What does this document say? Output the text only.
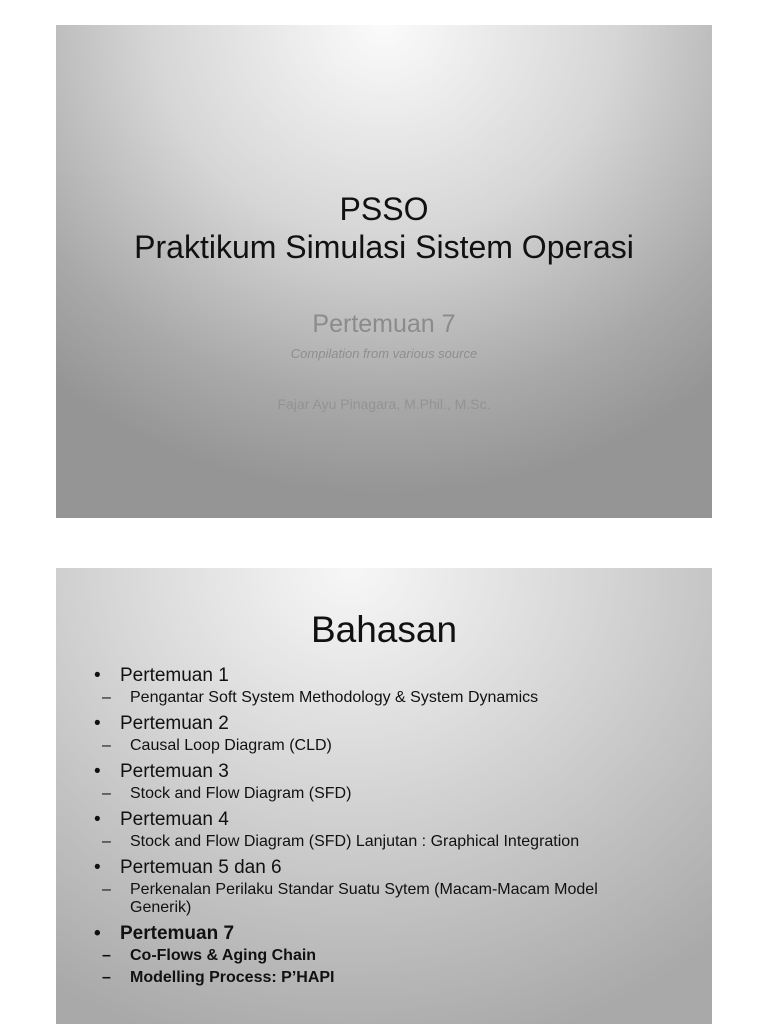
PSSO
Praktikum Simulasi Sistem Operasi
Pertemuan 7
Compilation from various source
Fajar Ayu Pinagara, M.Phil., M.Sc.
Bahasan
• Pertemuan 1
– Pengantar Soft System Methodology & System Dynamics
• Pertemuan 2
– Causal Loop Diagram (CLD)
• Pertemuan 3
– Stock and Flow Diagram (SFD)
• Pertemuan 4
– Stock and Flow Diagram (SFD) Lanjutan : Graphical Integration
• Pertemuan 5 dan 6
– Perkenalan Perilaku Standar Suatu Sytem (Macam-Macam Model Generik)
• Pertemuan 7
– Co-Flows & Aging Chain
– Modelling Process: P’HAPI
